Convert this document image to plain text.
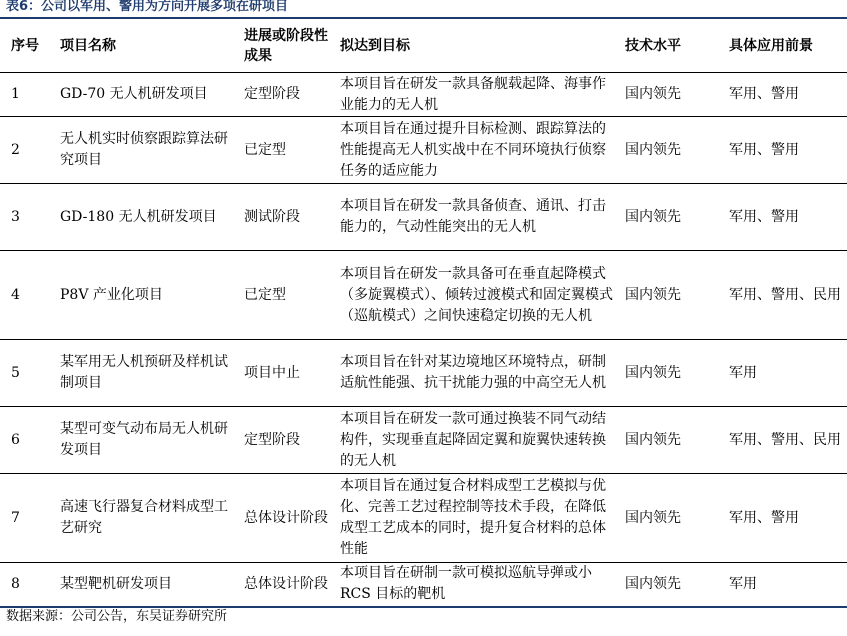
表6：公司以军用、警用为方向开展多项在研项目
序号	项目名称	进展或阶段性成果	拟达到目标	技术水平	具体应用前景
1	GD-70 无人机研发项目	定型阶段	本项目旨在研发一款具备舰载起降、海事作业能力的无人机	国内领先	军用、警用
2	无人机实时侦察跟踪算法研究项目	已定型	本项目旨在通过提升目标检测、跟踪算法的性能提高无人机实战中在不同环境执行侦察任务的适应能力	国内领先	军用、警用
3	GD-180 无人机研发项目	测试阶段	本项目旨在研发一款具备侦查、通讯、打击能力的，气动性能突出的无人机	国内领先	军用、警用
4	P8V 产业化项目	已定型	本项目旨在研发一款具备可在垂直起降模式（多旋翼模式）、倾转过渡模式和固定翼模式（巡航模式）之间快速稳定切换的无人机	国内领先	军用、警用、民用
5	某军用无人机预研及样机试制项目	项目中止	本项目旨在针对某边境地区环境特点，研制适航性能强、抗干扰能力强的中高空无人机	国内领先	军用
6	某型可变气动布局无人机研发项目	定型阶段	本项目旨在研发一款可通过换装不同气动结构件，实现垂直起降固定翼和旋翼快速转换的无人机	国内领先	军用、警用、民用
7	高速飞行器复合材料成型工艺研究	总体设计阶段	本项目旨在通过复合材料成型工艺模拟与优化、完善工艺过程控制等技术手段，在降低成型工艺成本的同时，提升复合材料的总体性能	国内领先	军用、警用
8	某型靶机研发项目	总体设计阶段	本项目旨在研制一款可模拟巡航导弹或小 RCS 目标的靶机	国内领先	军用
数据来源：公司公告，东吴证券研究所
